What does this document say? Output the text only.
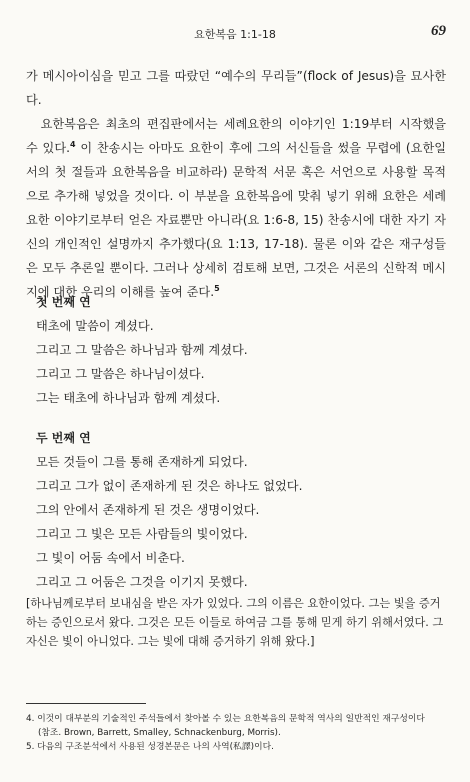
요한복음 1:1-18	69

가 메시아이심을 믿고 그를 따랐던 “예수의 무리들”(flock of Jesus)을 묘사한다.

요한복음은 최초의 편집판에서는 세례요한의 이야기인 1:19부터 시작했을 수 있다.$^4$ 이 찬송시는 아마도 요한이 후에 그의 서신들을 썼을 무렵에 (요한일서의 첫 절들과 요한복음을 비교하라) 문학적 서문 혹은 서언으로 사용할 목적으로 추가해 넣었을 것이다. 이 부분을 요한복음에 맞춰 넣기 위해 요한은 세례요한 이야기로부터 얻은 자료뿐만 아니라(요 1:6-8, 15) 찬송시에 대한 자기 자신의 개인적인 설명까지 추가했다(요 1:13, 17-18). 물론 이와 같은 재구성들은 모두 추론일 뿐이다. 그러나 상세히 검토해 보면, 그것은 서론의 신학적 메시지에 대한 우리의 이해를 높여 준다.$^5$

첫 번째 연

태초에 말씀이 계셨다.
그리고 그 말씀은 하나님과 함께 계셨다.
그리고 그 말씀은 하나님이셨다.
그는 태초에 하나님과 함께 계셨다.

두 번째 연

모든 것들이 그를 통해 존재하게 되었다.
그리고 그가 없이 존재하게 된 것은 하나도 없었다.
그의 안에서 존재하게 된 것은 생명이었다.
그리고 그 빛은 모든 사람들의 빛이었다.
그 빛이 어둠 속에서 비춘다.
그리고 그 어둠은 그것을 이기지 못했다.
[하나님께로부터 보내심을 받은 자가 있었다. 그의 이름은 요한이었다. 그는 빛을 증거하는 증인으로서 왔다. 그것은 모든 이들로 하여금 그를 통해 믿게 하기 위해서였다. 그 자신은 빛이 아니었다. 그는 빛에 대해 증거하기 위해 왔다.]

4. 이것이 대부분의 기술적인 주석들에서 찾아볼 수 있는 요한복음의 문학적 역사의 일반적인 재구성이다

(참조. Brown, Barrett, Smalley, Schnackenburg, Morris).

5. 다음의 구조분석에서 사용된 성경본문은 나의 사역(私譯)이다.
